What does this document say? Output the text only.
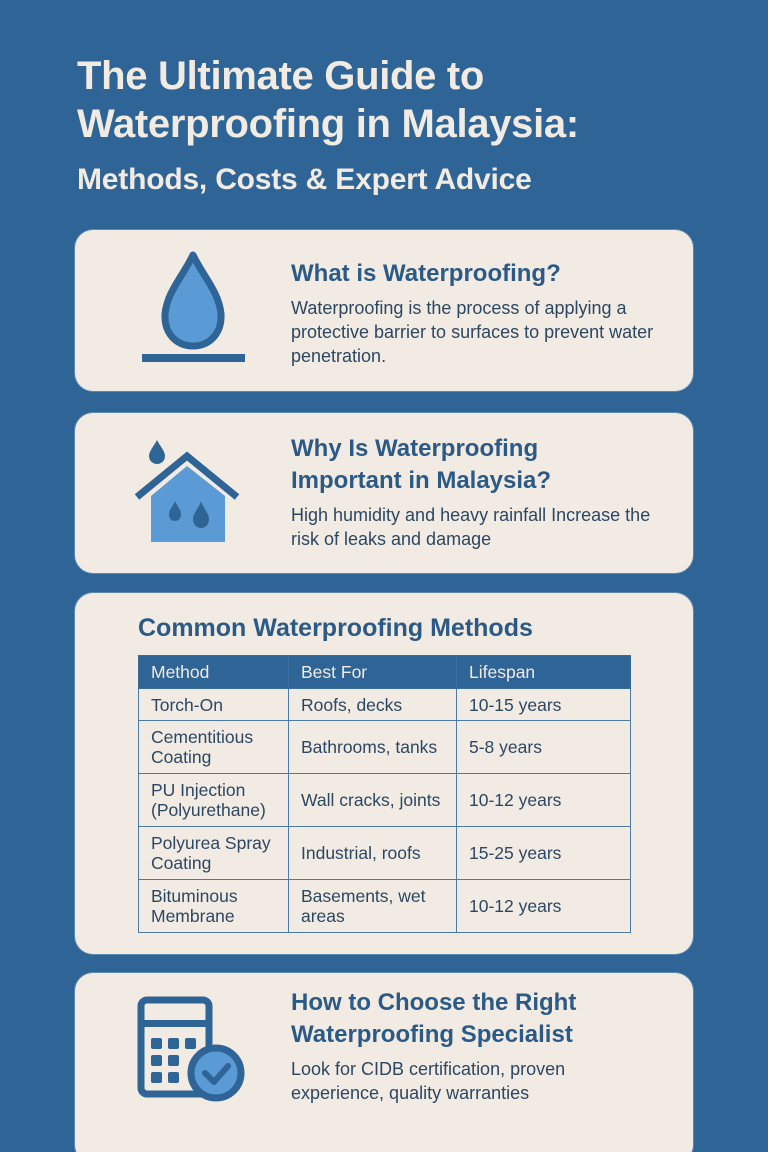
The Ultimate Guide to Waterproofing in Malaysia:
Methods, Costs & Expert Advice
What is Waterproofing?
Waterproofing is the process of applying a protective barrier to surfaces to prevent water penetration.
Why Is Waterproofing Important in Malaysia?
High humidity and heavy rainfall Increase the risk of leaks and damage
Common Waterproofing Methods
Method	Best For	Lifespan
Torch-On	Roofs, decks	10-15 years
Cementitious Coating	Bathrooms, tanks	5-8 years
PU Injection (Polyurethane)	Wall cracks, joints	10-12 years
Polyurea Spray Coating	Industrial, roofs	15-25 years
Bituminous Membrane	Basements, wet areas	10-12 years
How to Choose the Right Waterproofing Specialist
Look for CIDB certification, proven experience, quality warranties
